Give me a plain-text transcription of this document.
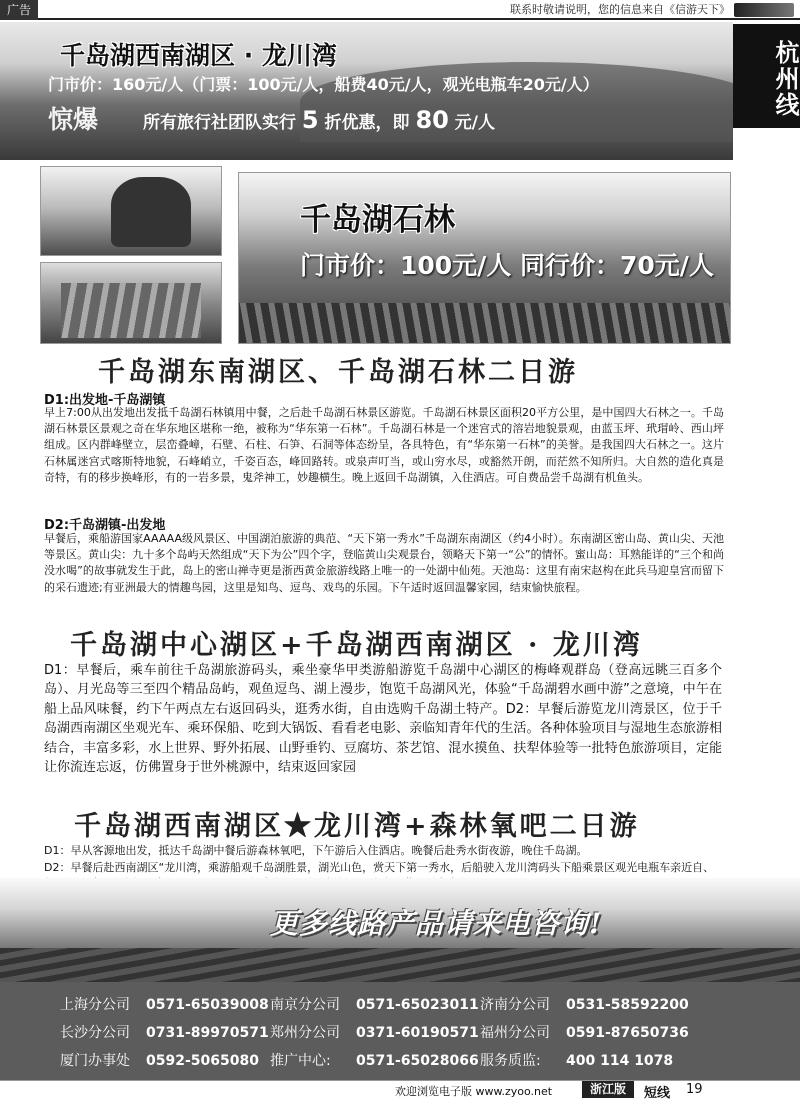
广告	联系时敬请说明，您的信息来自《信游天下》
千岛湖西南湖区 · 龙川湾
门市价：160元/人（门票：100元/人，船费40元/人，观光电瓶车20元/人）
惊爆	所有旅行社团队实行 5 折优惠，即 80 元/人
杭州线
千岛湖石林
门市价：100元/人 同行价：70元/人
千岛湖东南湖区、千岛湖石林二日游
D1:出发地-千岛湖镇
早上7:00从出发地出发抵千岛湖石林镇用中餐，之后赴千岛湖石林景区游览。千岛湖石林景区面积20平方公里，是中国四大石林之一。千岛湖石林景区景观之奇在华东地区堪称一绝，被称为“华东第一石林”。千岛湖石林是一个迷宫式的溶岩地貌景观，由蓝玉坪、玳瑁岭、西山坪组成。区内群峰壁立，层峦叠嶂，石壁、石柱、石笋、石洞等体态纷呈，各具特色，有“华东第一石林”的美誉。是我国四大石林之一。这片石林属迷宫式喀斯特地貌，石峰峭立，千姿百态，峰回路转。或泉声叮当，或山穷水尽，或豁然开朗，而茫然不知所归。大自然的造化真是奇特，有的移步换峰形，有的一岩多景，鬼斧神工，妙趣横生。晚上返回千岛湖镇，入住酒店。可自费品尝千岛湖有机鱼头。
D2:千岛湖镇-出发地
早餐后，乘船游国家AAAAA级风景区、中国湖泊旅游的典范、“天下第一秀水”千岛湖东南湖区（约4小时）。东南湖区密山岛、黄山尖、天池等景区。黄山尖：九十多个岛屿天然组成“天下为公”四个字，登临黄山尖观景台，领略天下第一“公”的情怀。蜜山岛：耳熟能详的“三个和尚没水喝”的故事就发生于此，岛上的密山禅寺更是浙西黄金旅游线路上唯一的一处湖中仙苑。天池岛：这里有南宋赵构在此兵马迎皇宫而留下的采石遗迹;有亚洲最大的情趣鸟园，这里是知鸟、逗鸟、戏鸟的乐园。下午适时返回温馨家园，结束愉快旅程。
千岛湖中心湖区+千岛湖西南湖区 · 龙川湾
D1：早餐后，乘车前往千岛湖旅游码头，乘坐豪华甲类游船游览千岛湖中心湖区的梅峰观群岛（登高远眺三百多个岛）、月光岛等三至四个精品岛屿，观鱼逗鸟、湖上漫步，饱览千岛湖风光，体验“千岛湖碧水画中游”之意境，中午在船上品风味餐，约下午两点左右返回码头，逛秀水街，自由选购千岛湖土特产。D2：早餐后游览龙川湾景区，位于千岛湖西南湖区坐观光车、乘环保船、吃到大锅饭、看看老电影、亲临知青年代的生活。各种体验项目与湿地生态旅游相结合，丰富多彩，水上世界、野外拓展、山野垂钓、豆腐坊、茶艺馆、混水摸鱼、扶犁体验等一批特色旅游项目，定能让你流连忘返，仿佛置身于世外桃源中，结束返回家园
千岛湖西南湖区★龙川湾+森林氧吧二日游
D1：早从客源地出发，抵达千岛湖中餐后游森林氧吧，下午游后入住酒店。晚餐后赴秀水街夜游，晚住千岛湖。
D2：早餐后赴西南湖区“龙川湾，乘游船观千岛湖胜景，湖光山色，赏天下第一秀水，后船驶入龙川湾码头下船乘景区观光电瓶车亲近自、
更多线路产品请来电咨询!
上海分公司 0571-65039008南京分公司 0571-65023011济南分公司 0531-58592200
长沙分公司 0731-89970571郑州分公司 0371-60190571福州分公司 0591-87650736
厦门办事处 0592-5065080 推广中心: 0571-65028066服务质监: 400 114 1078
欢迎浏览电子版 www.zyoo.net	浙江版	短线 19
